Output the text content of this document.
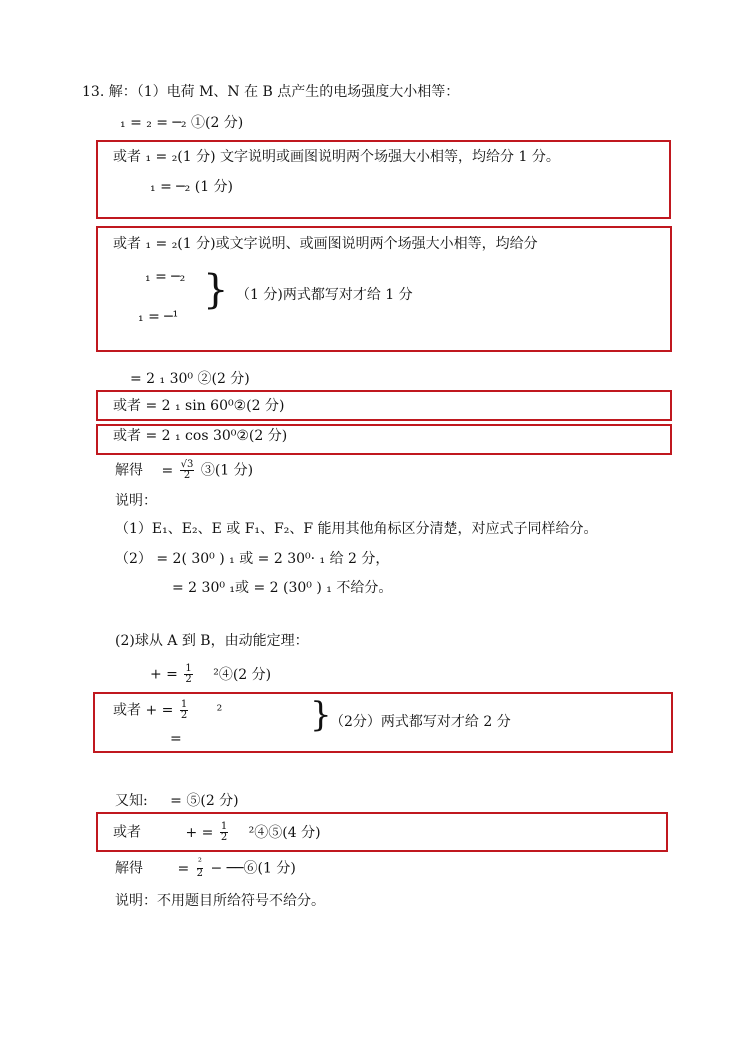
13. 解：（1）电荷 M、N 在 B 点产生的电场强度大小相等：
₁ = ₂ = ─₂ ①(2 分)
或者 ₁ = ₂(1 分) 文字说明或画图说明两个场强大小相等，均给分 1 分。
₁ = ─₂ (1 分)
或者 ₁ = ₂(1 分)或文字说明、或画图说明两个场强大小相等，均给分
₁ = ─₂
₁ = ─¹
} （1 分)两式都写对才给 1 分
= 2 ₁ 30⁰ ②(2 分)
或者 = 2 ₁ sin 60⁰②(2 分)
或者 = 2 ₁ cos 30⁰②(2 分)
解得 = $\frac{√3}{2}$ ③(1 分)
说明：
（1）E₁、E₂、E 或 F₁、F₂、F 能用其他角标区分清楚，对应式子同样给分。
（2） = 2( 30⁰ ) ₁ 或 = 2 30⁰· ₁ 给 2 分，
= 2 30⁰ ₁或 = 2 (30⁰ ) ₁ 不给分。
(2)球从 A 到 B，由动能定理：
+ = $\frac{1}{2}$ ²④(2 分)
或者 + = $\frac{1}{2} ^2$
=
}
（2分）两式都写对才给 2 分
又知: = ⑤(2 分)
或者	+ = $\frac{1}{2}$ ²④⑤(4 分)
解得 = $\frac{\text{²}}{2}$ − ──⑥(1 分)
说明：不用题目所给符号不给分。
